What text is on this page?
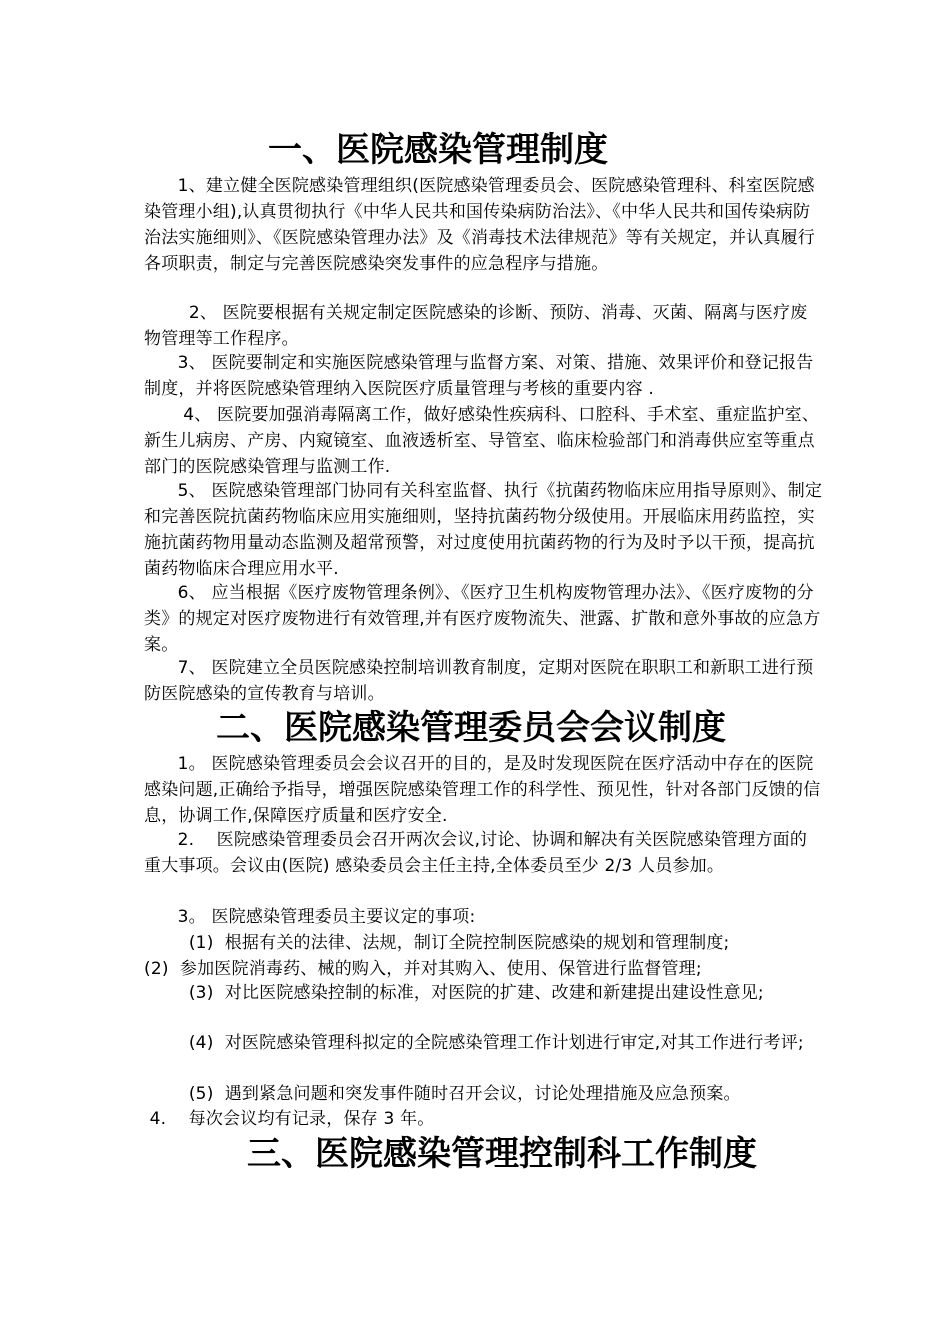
一、医院感染管理制度

1、建立健全医院感染管理组织(医院感染管理委员会、医院感染管理科、科室医院感染管理小组),认真贯彻执行《中华人民共和国传染病防治法》、《中华人民共和国传染病防治法实施细则》、《医院感染管理办法》及《消毒技术法律规范》等有关规定，并认真履行各项职责，制定与完善医院感染突发事件的应急程序与措施。

2、 医院要根据有关规定制定医院感染的诊断、预防、消毒、灭菌、隔离与医疗废物管理等工作程序。

3、 医院要制定和实施医院感染管理与监督方案、对策、措施、效果评价和登记报告制度，并将医院感染管理纳入医院医疗质量管理与考核的重要内容 .

4、 医院要加强消毒隔离工作，做好感染性疾病科、口腔科、手术室、重症监护室、新生儿病房、产房、内窥镜室、血液透析室、导管室、临床检验部门和消毒供应室等重点部门的医院感染管理与监测工作.

5、 医院感染管理部门协同有关科室监督、执行《抗菌药物临床应用指导原则》、制定和完善医院抗菌药物临床应用实施细则，坚持抗菌药物分级使用。开展临床用药监控，实施抗菌药物用量动态监测及超常预警，对过度使用抗菌药物的行为及时予以干预，提高抗菌药物临床合理应用水平.

6、 应当根据《医疗废物管理条例》、《医疗卫生机构废物管理办法》、《医疗废物的分类》的规定对医疗废物进行有效管理,并有医疗废物流失、泄露、扩散和意外事故的应急方案。

7、 医院建立全员医院感染控制培训教育制度，定期对医院在职职工和新职工进行预防医院感染的宣传教育与培训。

二、医院感染管理委员会会议制度

1。 医院感染管理委员会会议召开的目的，是及时发现医院在医疗活动中存在的医院感染问题,正确给予指导，增强医院感染管理工作的科学性、预见性，针对各部门反馈的信息，协调工作,保障医疗质量和医疗安全.

2.    医院感染管理委员会召开两次会议,讨论、协调和解决有关医院感染管理方面的重大事项。会议由(医院) 感染委员会主任主持,全体委员至少 2/3 人员参加。

3。 医院感染管理委员主要议定的事项:

(1)  根据有关的法律、法规，制订全院控制医院感染的规划和管理制度;

(2)  参加医院消毒药、械的购入，并对其购入、使用、保管进行监督管理;

(3)  对比医院感染控制的标准，对医院的扩建、改建和新建提出建设性意见;

(4)  对医院感染管理科拟定的全院感染管理工作计划进行审定,对其工作进行考评;

(5)  遇到紧急问题和突发事件随时召开会议，讨论处理措施及应急预案。

4.    每次会议均有记录，保存 3 年。

三、医院感染管理控制科工作制度
